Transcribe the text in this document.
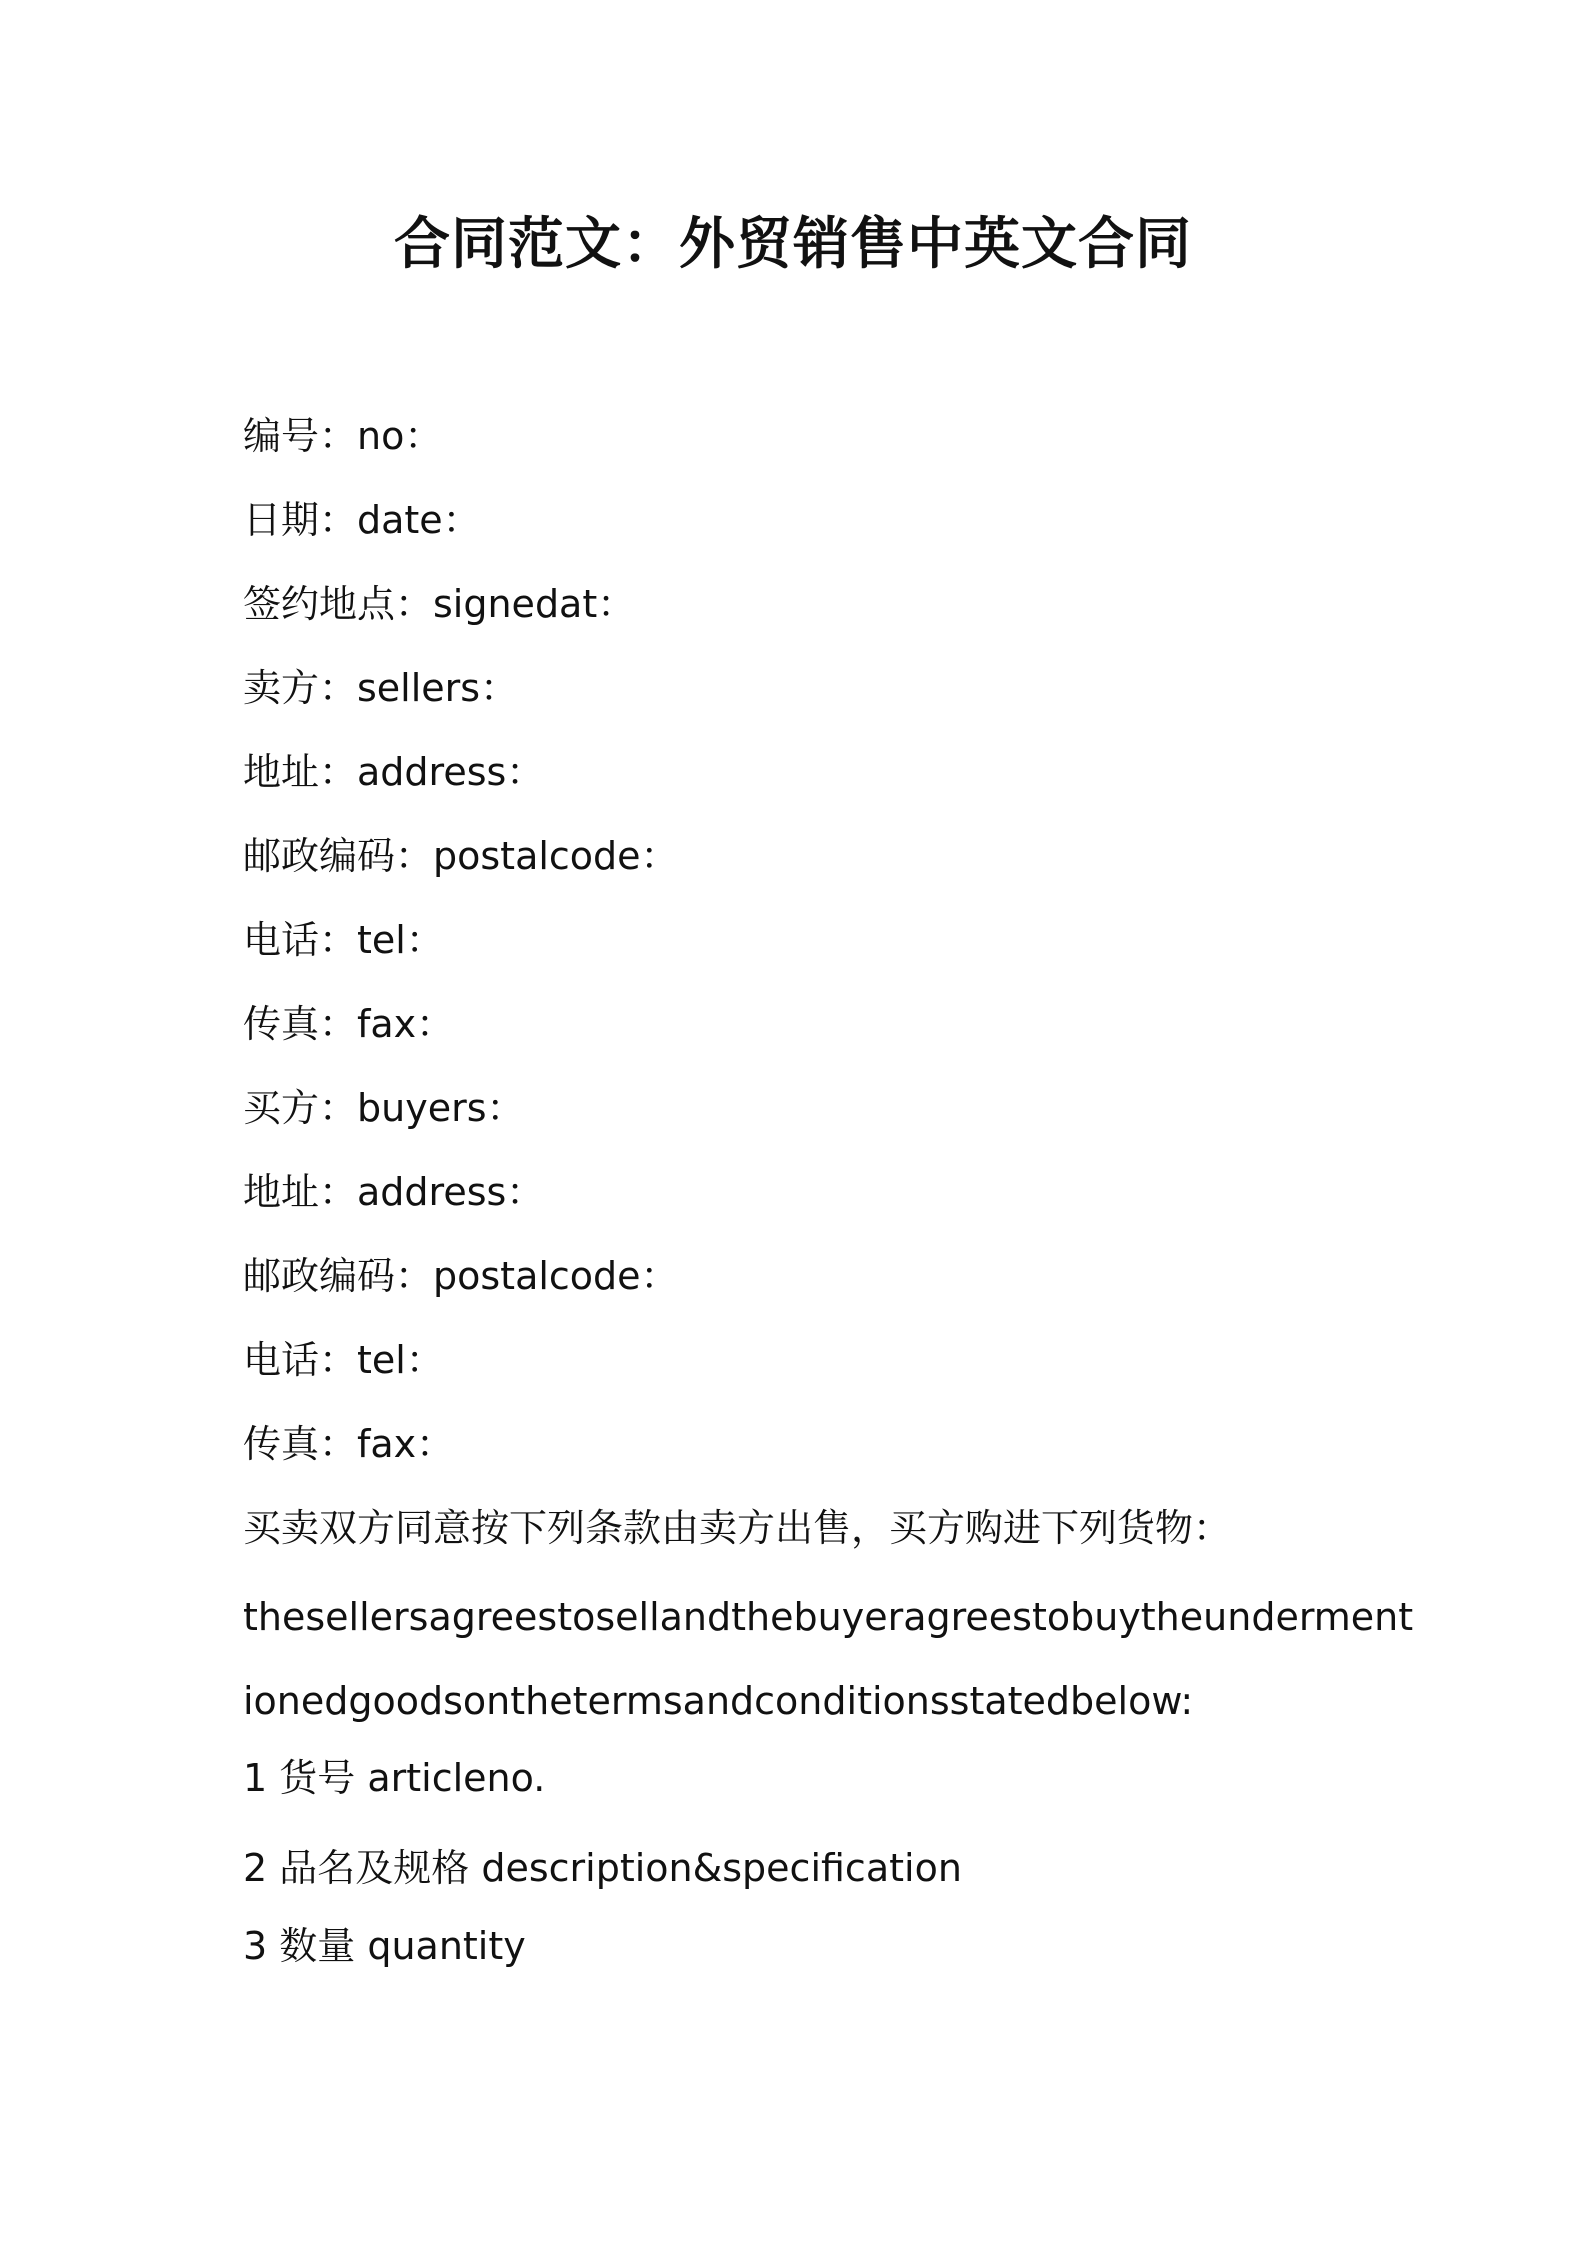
合同范文：外贸销售中英文合同
编号：no：
日期：date：
签约地点：signedat：
卖方：sellers：
地址：address：
邮政编码：postalcode：
电话：tel：
传真：fax：
买方：buyers：
地址：address：
邮政编码：postalcode：
电话：tel：
传真：fax：
买卖双方同意按下列条款由卖方出售，买方购进下列货物：
thesellersagreestosellandthebuyeragreestobuytheunderment
ionedgoodsonthetermsandconditionsstatedbelow:
1 货号 articleno.
2 品名及规格 description&specification
3 数量 quantity
